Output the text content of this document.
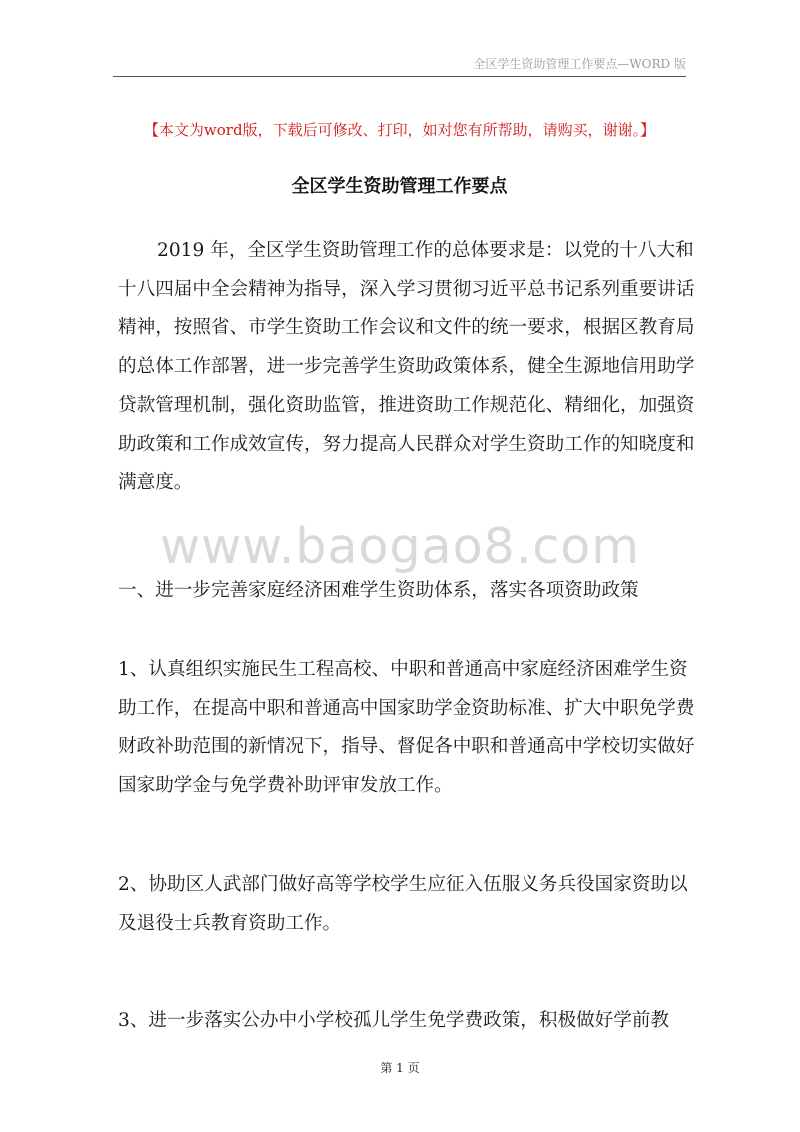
全区学生资助管理工作要点—WORD 版
【本文为word版，下载后可修改、打印，如对您有所帮助，请购买，谢谢。】
全区学生资助管理工作要点

2019 年，全区学生资助管理工作的总体要求是：以党的十八大和十八四届中全会精神为指导，深入学习贯彻习近平总书记系列重要讲话精神，按照省、市学生资助工作会议和文件的统一要求，根据区教育局的总体工作部署，进一步完善学生资助政策体系，健全生源地信用助学贷款管理机制，强化资助监管，推进资助工作规范化、精细化，加强资助政策和工作成效宣传，努力提高人民群众对学生资助工作的知晓度和满意度。

www.baogao8.com

一、进一步完善家庭经济困难学生资助体系，落实各项资助政策

1、认真组织实施民生工程高校、中职和普通高中家庭经济困难学生资助工作，在提高中职和普通高中国家助学金资助标准、扩大中职免学费财政补助范围的新情况下，指导、督促各中职和普通高中学校切实做好国家助学金与免学费补助评审发放工作。

2、协助区人武部门做好高等学校学生应征入伍服义务兵役国家资助以及退役士兵教育资助工作。

3、进一步落实公办中小学校孤儿学生免学费政策，积极做好学前教

第 1 页
